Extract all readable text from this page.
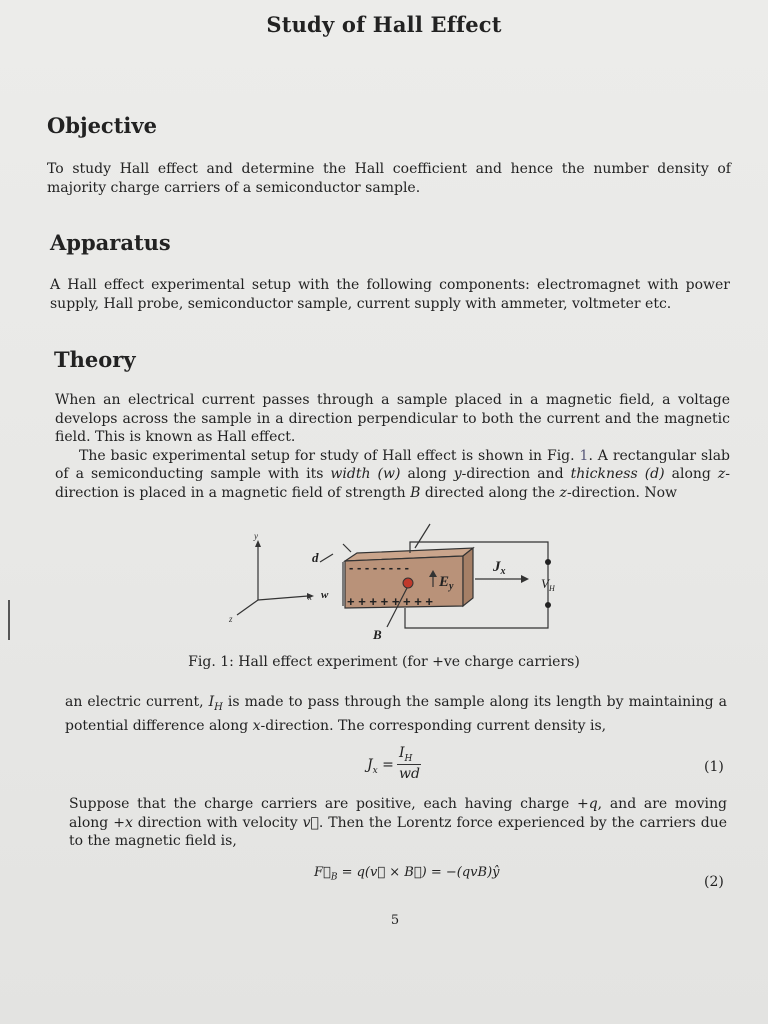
Study of Hall Effect
Objective
To study Hall effect and determine the Hall coefficient and hence the number density of majority charge carriers of a semiconductor sample.
Apparatus
A Hall effect experimental setup with the following components: electromagnet with power supply, Hall probe, semiconductor sample, current supply with ammeter, voltmeter etc.
Theory
When an electrical current passes through a sample placed in a magnetic field, a voltage develops across the sample in a direction perpendicular to both the current and the magnetic field. This is known as Hall effect.
The basic experimental setup for study of Hall effect is shown in Fig. 1. A rectangular slab of a semiconducting sample with its width (w) along y-direction and thickness (d) along z-direction is placed in a magnetic field of strength B directed along the z-direction. Now
y
x
z
d
w
- - - - - - - -
+ + + + + + + +
$E_y$
$J_x$
$V_H$
B
Fig. 1: Hall effect experiment (for +ve charge carriers)
an electric current, $I_H$ is made to pass through the sample along its length by maintaining a potential difference along x-direction. The corresponding current density is,
$J_x$ =
$I_H$
wd	(1)
Suppose that the charge carriers are positive, each having charge +q, and are moving along +x direction with velocity v⃗. Then the Lorentz force experienced by the carriers due to the magnetic field is,
$F⃗_B$ = q(v⃗ × B⃗) = −(qvB)ŷ
(2)
5
